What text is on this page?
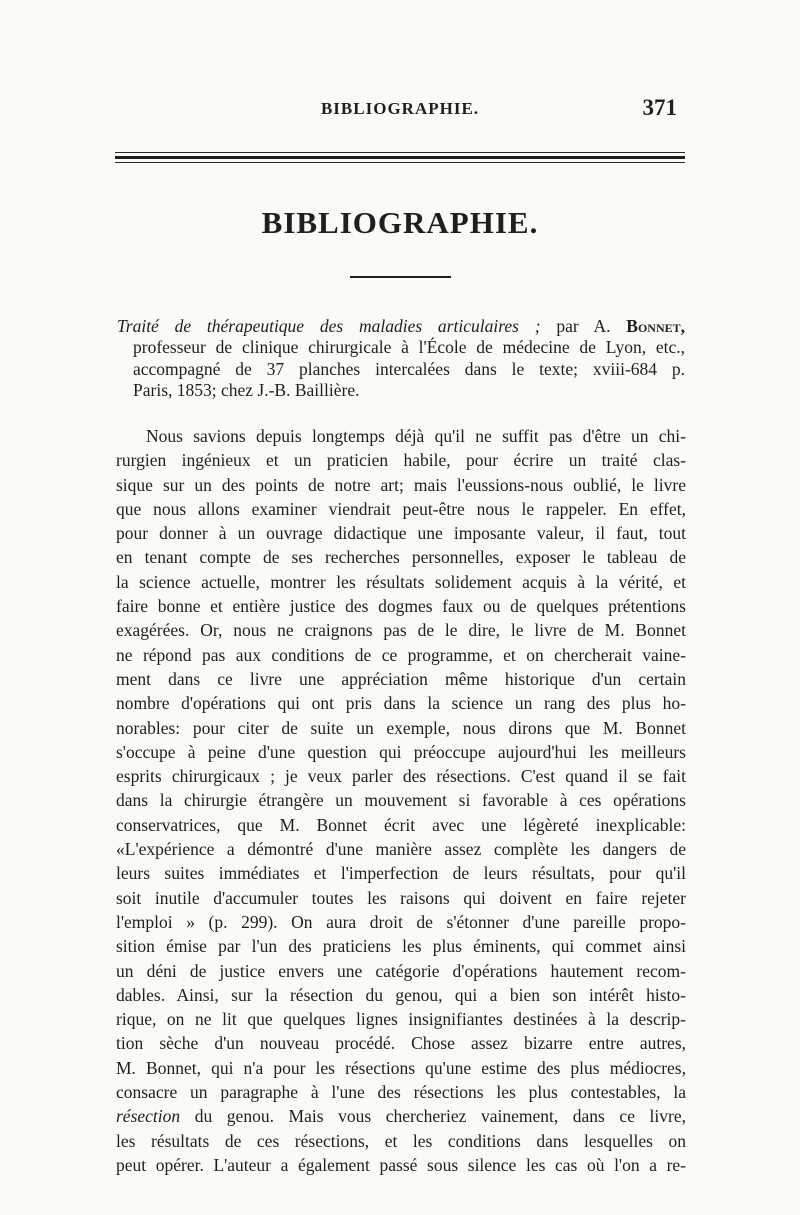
BIBLIOGRAPHIE.	371
BIBLIOGRAPHIE.
Traité de thérapeutique des maladies articulaires ; par A. Bonnet,
professeur de clinique chirurgicale à l'École de médecine de Lyon, etc.,
accompagné de 37 planches intercalées dans le texte; xviii-684 p.
Paris, 1853; chez J.-B. Baillière.
Nous savions depuis longtemps déjà qu'il ne suffit pas d'être un chi-
rurgien ingénieux et un praticien habile, pour écrire un traité clas-
sique sur un des points de notre art; mais l'eussions-nous oublié, le livre
que nous allons examiner viendrait peut-être nous le rappeler. En effet,
pour donner à un ouvrage didactique une imposante valeur, il faut, tout
en tenant compte de ses recherches personnelles, exposer le tableau de
la science actuelle, montrer les résultats solidement acquis à la vérité, et
faire bonne et entière justice des dogmes faux ou de quelques prétentions
exagérées. Or, nous ne craignons pas de le dire, le livre de M. Bonnet
ne répond pas aux conditions de ce programme, et on chercherait vaine-
ment dans ce livre une appréciation même historique d'un certain
nombre d'opérations qui ont pris dans la science un rang des plus ho-
norables: pour citer de suite un exemple, nous dirons que M. Bonnet
s'occupe à peine d'une question qui préoccupe aujourd'hui les meilleurs
esprits chirurgicaux ; je veux parler des résections. C'est quand il se fait
dans la chirurgie étrangère un mouvement si favorable à ces opérations
conservatrices, que M. Bonnet écrit avec une légèreté inexplicable:
«L'expérience a démontré d'une manière assez complète les dangers de
leurs suites immédiates et l'imperfection de leurs résultats, pour qu'il
soit inutile d'accumuler toutes les raisons qui doivent en faire rejeter
l'emploi » (p. 299). On aura droit de s'étonner d'une pareille propo-
sition émise par l'un des praticiens les plus éminents, qui commet ainsi
un déni de justice envers une catégorie d'opérations hautement recom-
dables. Ainsi, sur la résection du genou, qui a bien son intérêt histo-
rique, on ne lit que quelques lignes insignifiantes destinées à la descrip-
tion sèche d'un nouveau procédé. Chose assez bizarre entre autres,
M. Bonnet, qui n'a pour les résections qu'une estime des plus médiocres,
consacre un paragraphe à l'une des résections les plus contestables, la
résection du genou. Mais vous chercheriez vainement, dans ce livre,
les résultats de ces résections, et les conditions dans lesquelles on
peut opérer. L'auteur a également passé sous silence les cas où l'on a re-
